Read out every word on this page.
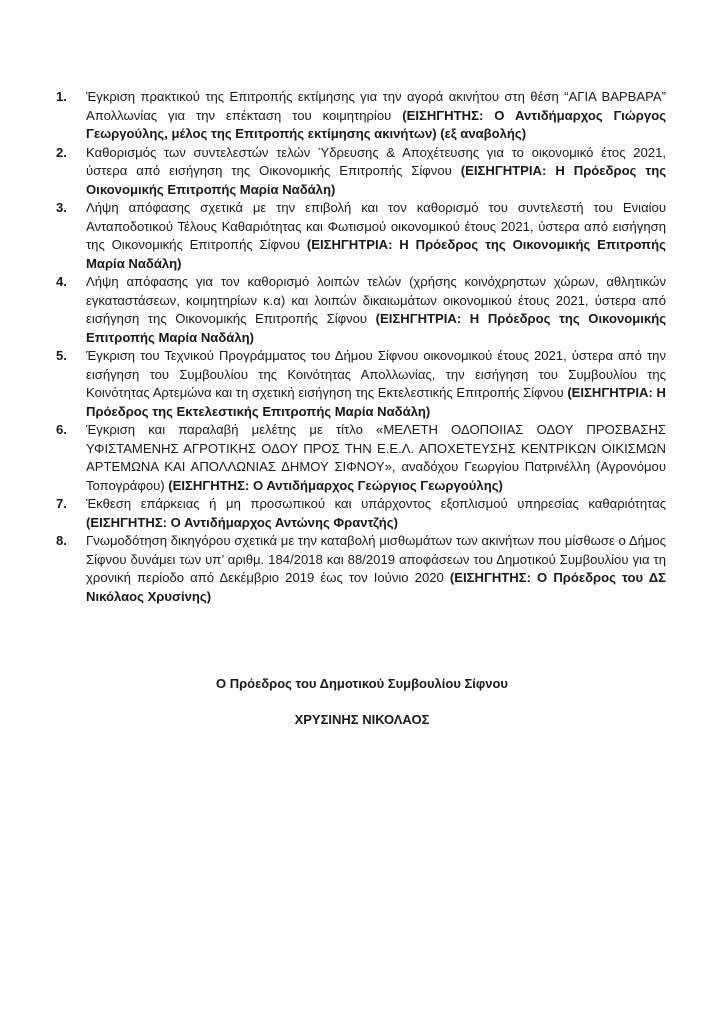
1. Έγκριση πρακτικού της Επιτροπής εκτίμησης για την αγορά ακινήτου στη θέση “ΑΓΙΑ ΒΑΡΒΑΡΑ” Απολλωνίας για την επέκταση του κοιμητηρίου (ΕΙΣΗΓΗΤΗΣ: Ο Αντιδήμαρχος Γιώργος Γεωργούλης, μέλος της Επιτροπής εκτίμησης ακινήτων) (εξ αναβολής)
2. Καθορισμός των συντελεστών τελών Ύδρευσης & Αποχέτευσης για το οικονομικό έτος 2021, ύστερα από εισήγηση της Οικονομικής Επιτροπής Σίφνου (ΕΙΣΗΓΗΤΡΙΑ: Η Πρόεδρος της Οικονομικής Επιτροπής Μαρία Ναδάλη)
3. Λήψη απόφασης σχετικά με την επιβολή και τον καθορισμό του συντελεστή του Ενιαίου Ανταποδοτικού Τέλους Καθαριότητας και Φωτισμού οικονομικού έτους 2021, ύστερα από εισήγηση της Οικονομικής Επιτροπής Σίφνου (ΕΙΣΗΓΗΤΡΙΑ: Η Πρόεδρος της Οικονομικής Επιτροπής Μαρία Ναδάλη)
4. Λήψη απόφασης για τον καθορισμό λοιπών τελών (χρήσης κοινόχρηστων χώρων, αθλητικών εγκαταστάσεων, κοιμητηρίων κ.α) και λοιπών δικαιωμάτων οικονομικού έτους 2021, ύστερα από εισήγηση της Οικονομικής Επιτροπής Σίφνου (ΕΙΣΗΓΗΤΡΙΑ: Η Πρόεδρος της Οικονομικής Επιτροπής Μαρία Ναδάλη)
5. Έγκριση του Τεχνικού Προγράμματος του Δήμου Σίφνου οικονομικού έτους 2021, ύστερα από την εισήγηση του Συμβουλίου της Κοινότητας Απολλωνίας, την εισήγηση του Συμβουλίου της Κοινότητας Αρτεμώνα και τη σχετική εισήγηση της Εκτελεστικής Επιτροπής Σίφνου (ΕΙΣΗΓΗΤΡΙΑ: Η Πρόεδρος της Εκτελεστικής Επιτροπής Μαρία Ναδάλη)
6. Έγκριση και παραλαβή μελέτης με τίτλο «ΜΕΛΕΤΗ ΟΔΟΠΟΙΙΑΣ ΟΔΟΥ ΠΡΟΣΒΑΣΗΣ ΥΦΙΣΤΑΜΕΝΗΣ ΑΓΡΟΤΙΚΗΣ ΟΔΟΥ ΠΡΟΣ ΤΗΝ Ε.Ε.Λ. ΑΠΟΧΕΤΕΥΣΗΣ ΚΕΝΤΡΙΚΩΝ ΟΙΚΙΣΜΩΝ ΑΡΤΕΜΩΝΑ ΚΑΙ ΑΠΟΛΛΩΝΙΑΣ ΔΗΜΟΥ ΣΙΦΝΟΥ», αναδόχου Γεωργίου Πατρινέλλη (Αγρονόμου Τοπογράφου) (ΕΙΣΗΓΗΤΗΣ: Ο Αντιδήμαρχος Γεώργιος Γεωργούλης)
7. Έκθεση επάρκειας ή μη προσωπικού και υπάρχοντος εξοπλισμού υπηρεσίας καθαριότητας (ΕΙΣΗΓΗΤΗΣ: Ο Αντιδήμαρχος Αντώνης Φραντζής)
8. Γνωμοδότηση δικηγόρου σχετικά με την καταβολή μισθωμάτων των ακινήτων που μίσθωσε ο Δήμος Σίφνου δυνάμει των υπ’ αριθμ. 184/2018 και 88/2019 αποφάσεων του Δημοτικού Συμβουλίου για τη χρονική περίοδο από Δεκέμβριο 2019 έως τον Ιούνιο 2020 (ΕΙΣΗΓΗΤΗΣ: Ο Πρόεδρος του ΔΣ Νικόλαος Χρυσίνης)
Ο Πρόεδρος του Δημοτικού Συμβουλίου Σίφνου
ΧΡΥΣΙΝΗΣ ΝΙΚΟΛΑΟΣ
